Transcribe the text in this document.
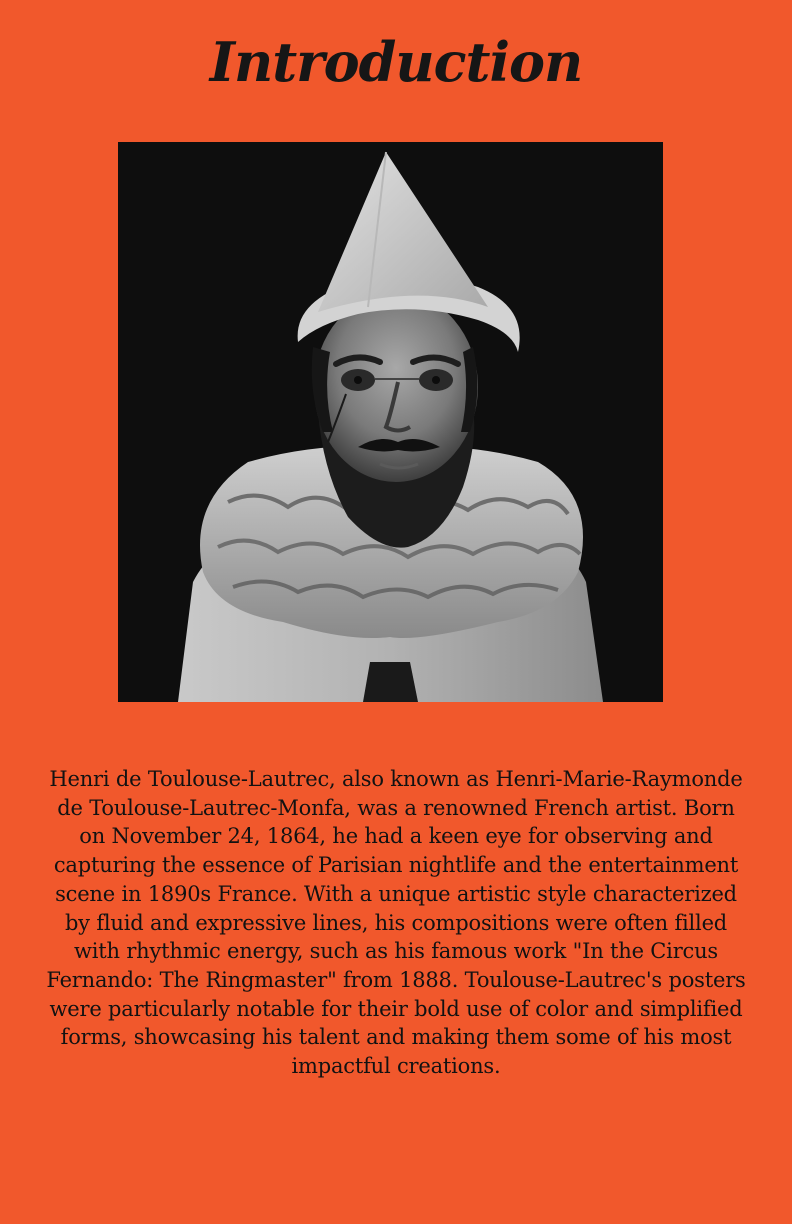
Introduction

Henri de Toulouse-Lautrec, also known as Henri-Marie-Raymonde de Toulouse-Lautrec-Monfa, was a renowned French artist. Born on November 24, 1864, he had a keen eye for observing and capturing the essence of Parisian nightlife and the entertainment scene in 1890s France. With a unique artistic style characterized by fluid and expressive lines, his compositions were often filled with rhythmic energy, such as his famous work "In the Circus Fernando: The Ringmaster" from 1888. Toulouse-Lautrec's posters were particularly notable for their bold use of color and simplified forms, showcasing his talent and making them some of his most impactful creations.
